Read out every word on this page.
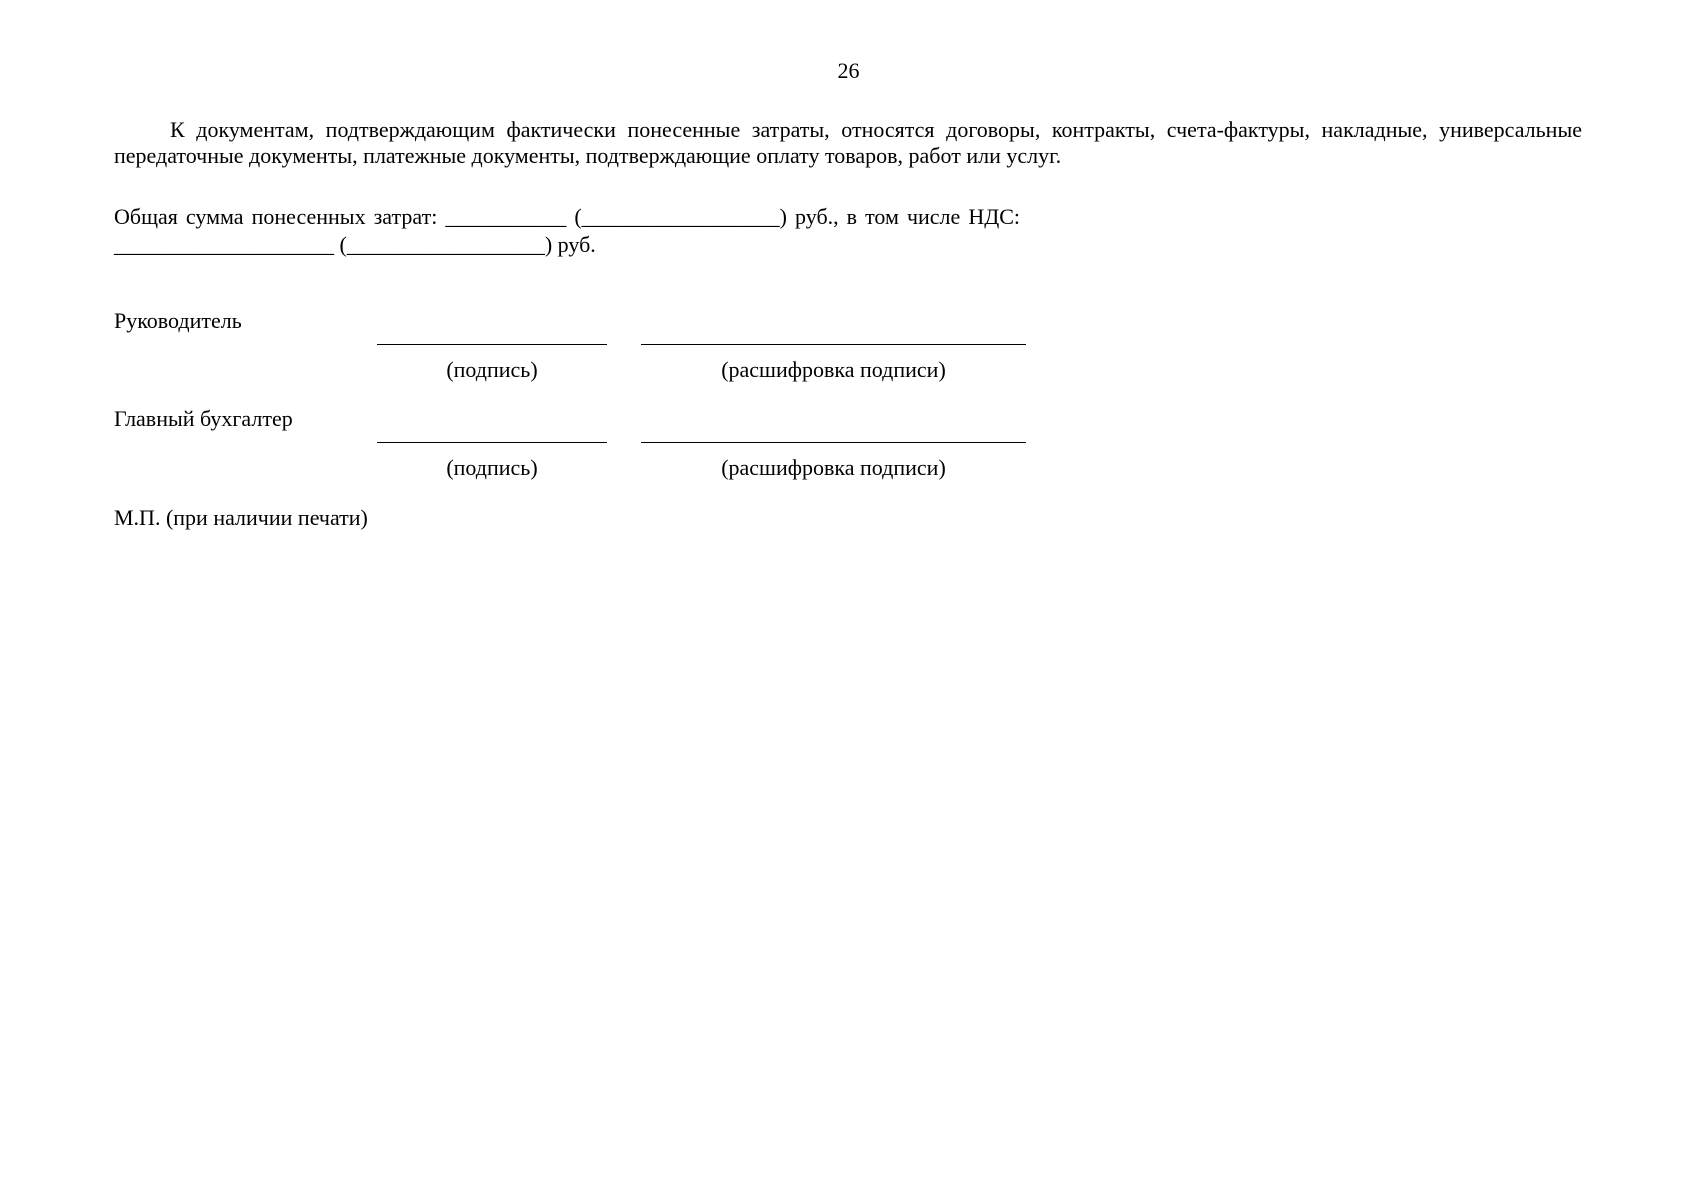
26

К документам, подтверждающим фактически понесенные затраты, относятся договоры, контракты, счета-фактуры, накладные, универсальные передаточные документы, платежные документы, подтверждающие оплату товаров, работ или услуг.

Общая сумма понесенных затрат: ___________ (__________________) руб., в том числе НДС: ____________________ (__________________) руб.

Руководитель
(подпись)	(расшифровка подписи)
Главный бухгалтер
(подпись)	(расшифровка подписи)
М.П. (при наличии печати)
